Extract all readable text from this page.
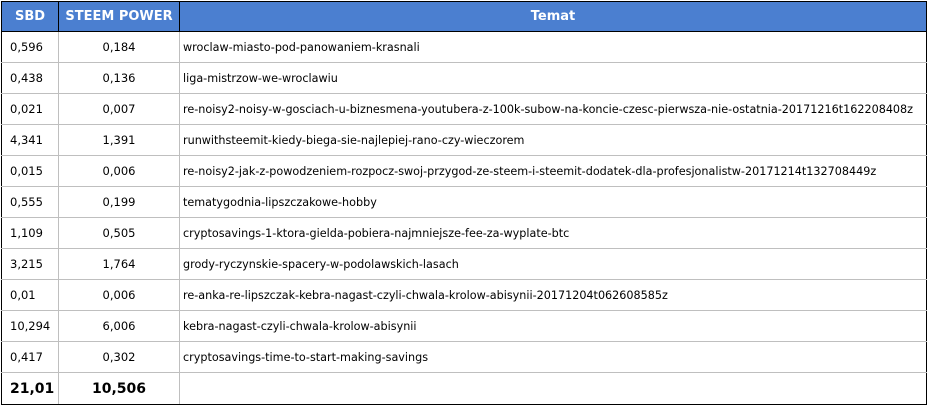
SBD	STEEM POWER	Temat
0,596	0,184	wroclaw-miasto-pod-panowaniem-krasnali
0,438	0,136	liga-mistrzow-we-wroclawiu
0,021	0,007	re-noisy2-noisy-w-gosciach-u-biznesmena-youtubera-z-100k-subow-na-koncie-czesc-pierwsza-nie-ostatnia-20171216t162208408z
4,341	1,391	runwithsteemit-kiedy-biega-sie-najlepiej-rano-czy-wieczorem
0,015	0,006	re-noisy2-jak-z-powodzeniem-rozpocz-swoj-przygod-ze-steem-i-steemit-dodatek-dla-profesjonalistw-20171214t132708449z
0,555	0,199	tematygodnia-lipszczakowe-hobby
1,109	0,505	cryptosavings-1-ktora-gielda-pobiera-najmniejsze-fee-za-wyplate-btc
3,215	1,764	grody-ryczynskie-spacery-w-podolawskich-lasach
0,01	0,006	re-anka-re-lipszczak-kebra-nagast-czyli-chwala-krolow-abisynii-20171204t062608585z
10,294	6,006	kebra-nagast-czyli-chwala-krolow-abisynii
0,417	0,302	cryptosavings-time-to-start-making-savings
21,01	10,506	
